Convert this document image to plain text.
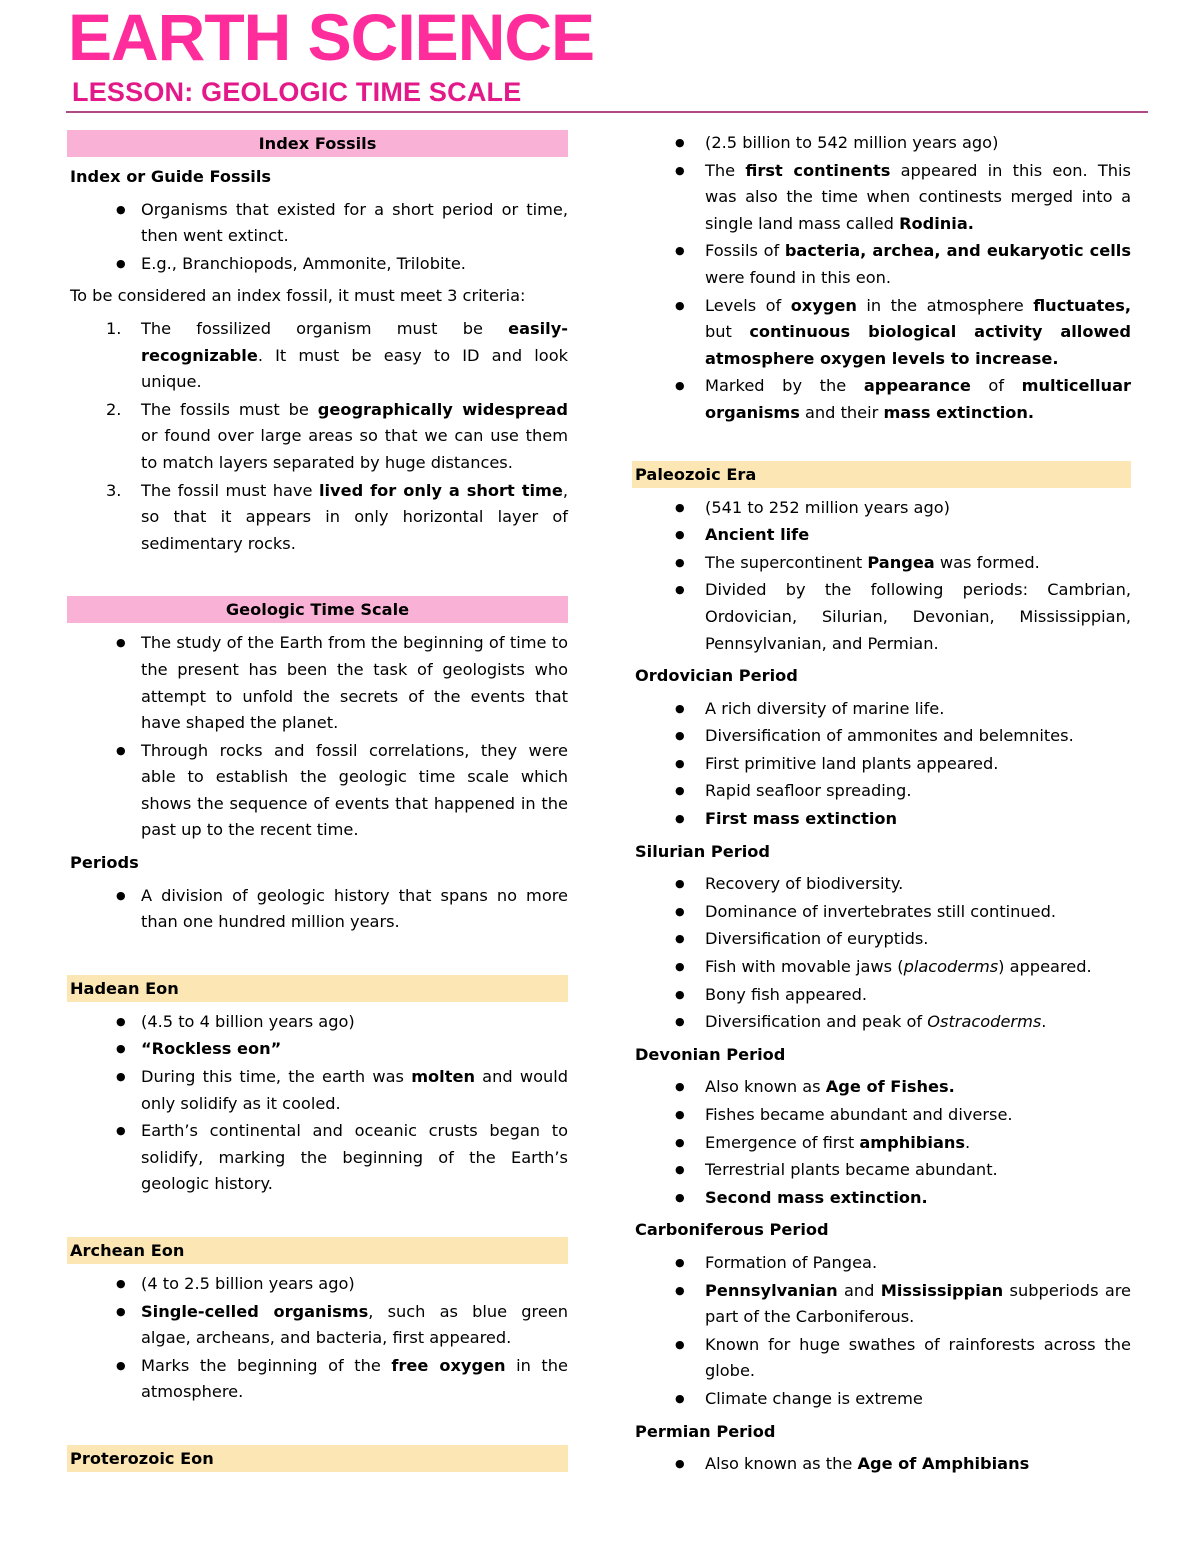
EARTH SCIENCE
LESSON: GEOLOGIC TIME SCALE
Index Fossils
Index or Guide Fossils
● Organisms that existed for a short period or time, then went extinct.
● E.g., Branchiopods, Ammonite, Trilobite.

To be considered an index fossil, it must meet 3 criteria:

1. The fossilized organism must be easily-recognizable. It must be easy to ID and look unique.
2. The fossils must be geographically widespread or found over large areas so that we can use them to match layers separated by huge distances.
3. The fossil must have lived for only a short time, so that it appears in only horizontal layer of sedimentary rocks.
Geologic Time Scale
● The study of the Earth from the beginning of time to the present has been the task of geologists who attempt to unfold the secrets of the events that have shaped the planet.
● Through rocks and fossil correlations, they were able to establish the geologic time scale which shows the sequence of events that happened in the past up to the recent time.
Periods
● A division of geologic history that spans no more than one hundred million years.
Hadean Eon
● (4.5 to 4 billion years ago)
● “Rockless eon”
● During this time, the earth was molten and would only solidify as it cooled.
● Earth’s continental and oceanic crusts began to solidify, marking the beginning of the Earth’s geologic history.
Archean Eon
● (4 to 2.5 billion years ago)
● Single-celled organisms, such as blue green algae, archeans, and bacteria, first appeared.
● Marks the beginning of the free oxygen in the atmosphere.
Proterozoic Eon
● (2.5 billion to 542 million years ago)
● The first continents appeared in this eon. This was also the time when continests merged into a single land mass called Rodinia.
● Fossils of bacteria, archea, and eukaryotic cells were found in this eon.
● Levels of oxygen in the atmosphere fluctuates, but continuous biological activity allowed atmosphere oxygen levels to increase.
● Marked by the appearance of multicelluar organisms and their mass extinction.
Paleozoic Era
● (541 to 252 million years ago)
● Ancient life
● The supercontinent Pangea was formed.
● Divided by the following periods: Cambrian, Ordovician, Silurian, Devonian, Mississippian, Pennsylvanian, and Permian.
Ordovician Period
● A rich diversity of marine life.
● Diversification of ammonites and belemnites.
● First primitive land plants appeared.
● Rapid seafloor spreading.
● First mass extinction
Silurian Period
● Recovery of biodiversity.
● Dominance of invertebrates still continued.
● Diversification of euryptids.
● Fish with movable jaws (placoderms) appeared.
● Bony fish appeared.
● Diversification and peak of Ostracoderms.
Devonian Period
● Also known as Age of Fishes.
● Fishes became abundant and diverse.
● Emergence of first amphibians.
● Terrestrial plants became abundant.
● Second mass extinction.
Carboniferous Period
● Formation of Pangea.
● Pennsylvanian and Mississippian subperiods are part of the Carboniferous.
● Known for huge swathes of rainforests across the globe.
● Climate change is extreme
Permian Period
● Also known as the Age of Amphibians
